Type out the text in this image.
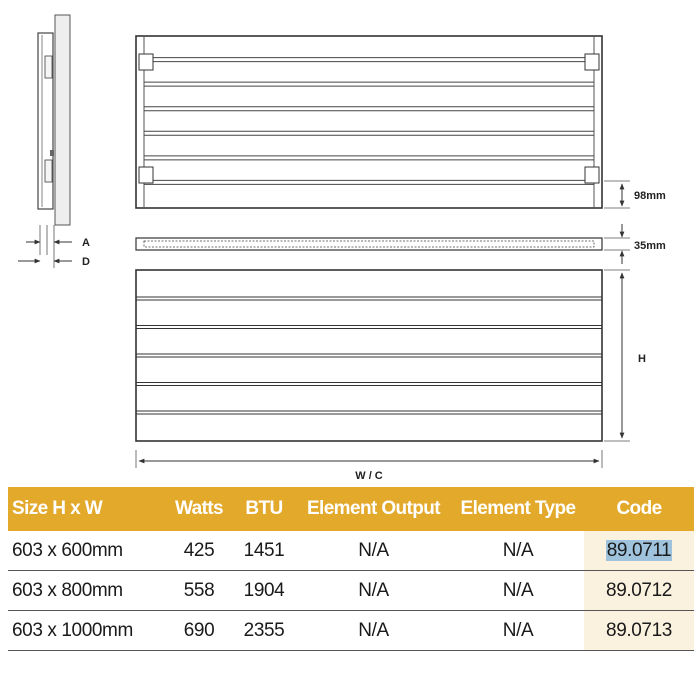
A
D
98mm
35mm
H
W / C
Size H x W	Watts	BTU	Element Output	Element Type	Code
603 x 600mm	425	1451	N/A	N/A	89.0711
603 x 800mm	558	1904	N/A	N/A	89.0712
603 x 1000mm	690	2355	N/A	N/A	89.0713
